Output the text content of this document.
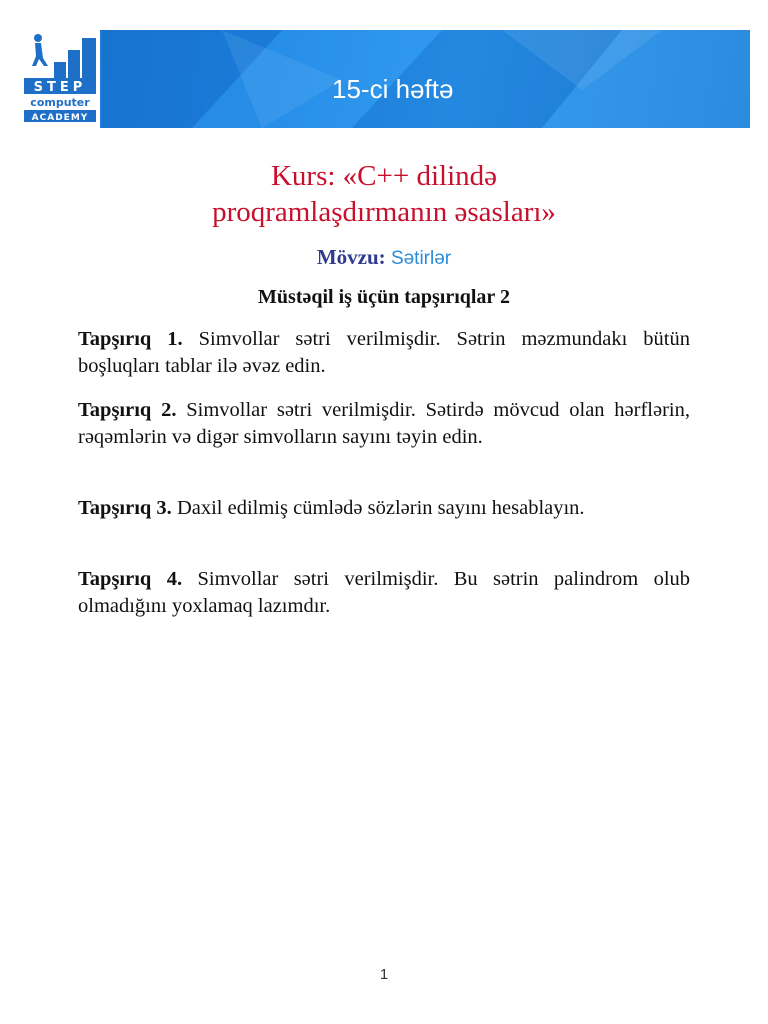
STEP
computer
ACADEMY
15-ci həftə
Kurs: «C++ dilində
proqramlaşdırmanın əsasları»
Mövzu: Sətirlər
Müstəqil iş üçün tapşırıqlar 2
Tapşırıq 1. Simvollar sətri verilmişdir. Sətrin məzmundakı bütün boşluqları tablar ilə əvəz edin.
Tapşırıq 2. Simvollar sətri verilmişdir. Sətirdə mövcud olan hərflərin, rəqəmlərin və digər simvolların sayını təyin edin.
Tapşırıq 3. Daxil edilmiş cümlədə sözlərin sayını hesablayın.
Tapşırıq 4. Simvollar sətri verilmişdir. Bu sətrin palindrom olub olmadığını yoxlamaq lazımdır.
1
